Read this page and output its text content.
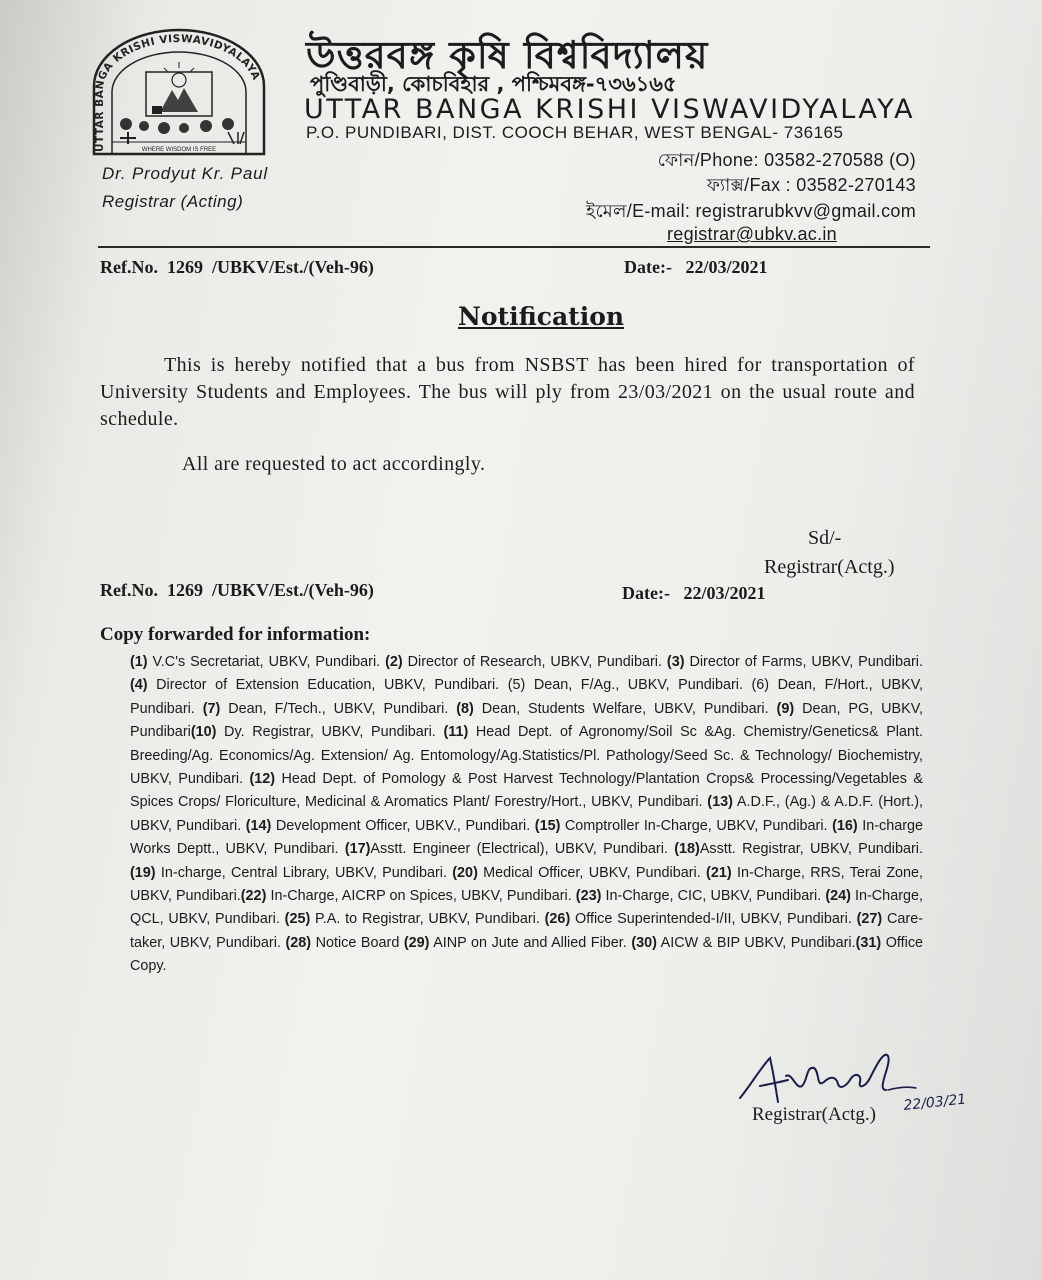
UTTAR BANGA KRISHI VISWAVIDYALAYA
WHERE WISDOM IS FREE
উত্তরবঙ্গ কৃষি বিশ্ববিদ্যালয়
পুণ্ডিবাড়ী, কোচবিহার , পশ্চিমবঙ্গ-৭৩৬১৬৫
UTTAR BANGA KRISHI VISWAVIDYALAYA
P.O. PUNDIBARI, DIST. COOCH BEHAR, WEST BENGAL- 736165
ফোন/Phone: 03582-270588 (O)
ফ্যাক্স/Fax : 03582-270143
ইমেল/E-mail: registrarubkvv@gmail.com
registrar@ubkv.ac.in
Dr. Prodyut Kr. Paul
Registrar (Acting)
Ref.No. 1269 /UBKV/Est./(Veh-96)	Date:- 22/03/2021
Notification
This is hereby notified that a bus from NSBST has been hired for transportation of University Students and Employees. The bus will ply from 23/03/2021 on the usual route and schedule.
All are requested to act accordingly.
Sd/-
Registrar(Actg.)
Ref.No. 1269 /UBKV/Est./(Veh-96)	Date:- 22/03/2021
Copy forwarded for information:
(1) V.C's Secretariat, UBKV, Pundibari. (2) Director of Research, UBKV, Pundibari. (3) Director of Farms, UBKV, Pundibari. (4) Director of Extension Education, UBKV, Pundibari. (5) Dean, F/Ag., UBKV, Pundibari. (6) Dean, F/Hort., UBKV, Pundibari. (7) Dean, F/Tech., UBKV, Pundibari. (8) Dean, Students Welfare, UBKV, Pundibari. (9) Dean, PG, UBKV, Pundibari(10) Dy. Registrar, UBKV, Pundibari. (11) Head Dept. of Agronomy/Soil Sc &Ag. Chemistry/Genetics& Plant. Breeding/Ag. Economics/Ag. Extension/ Ag. Entomology/Ag.Statistics/Pl. Pathology/Seed Sc. & Technology/ Biochemistry, UBKV, Pundibari. (12) Head Dept. of Pomology & Post Harvest Technology/Plantation Crops& Processing/Vegetables & Spices Crops/ Floriculture, Medicinal & Aromatics Plant/ Forestry/Hort., UBKV, Pundibari. (13) A.D.F., (Ag.) & A.D.F. (Hort.), UBKV, Pundibari. (14) Development Officer, UBKV., Pundibari. (15) Comptroller In-Charge, UBKV, Pundibari. (16) In-charge Works Deptt., UBKV, Pundibari. (17)Asstt. Engineer (Electrical), UBKV, Pundibari. (18)Asstt. Registrar, UBKV, Pundibari. (19) In-charge, Central Library, UBKV, Pundibari. (20) Medical Officer, UBKV, Pundibari. (21) In-Charge, RRS, Terai Zone, UBKV, Pundibari.(22) In-Charge, AICRP on Spices, UBKV, Pundibari. (23) In-Charge, CIC, UBKV, Pundibari. (24) In-Charge, QCL, UBKV, Pundibari. (25) P.A. to Registrar, UBKV, Pundibari. (26) Office Superintended-I/II, UBKV, Pundibari. (27) Care-taker, UBKV, Pundibari. (28) Notice Board (29) AINP on Jute and Allied Fiber. (30) AICW & BIP UBKV, Pundibari.(31) Office Copy.
22/03/21
Registrar(Actg.)
